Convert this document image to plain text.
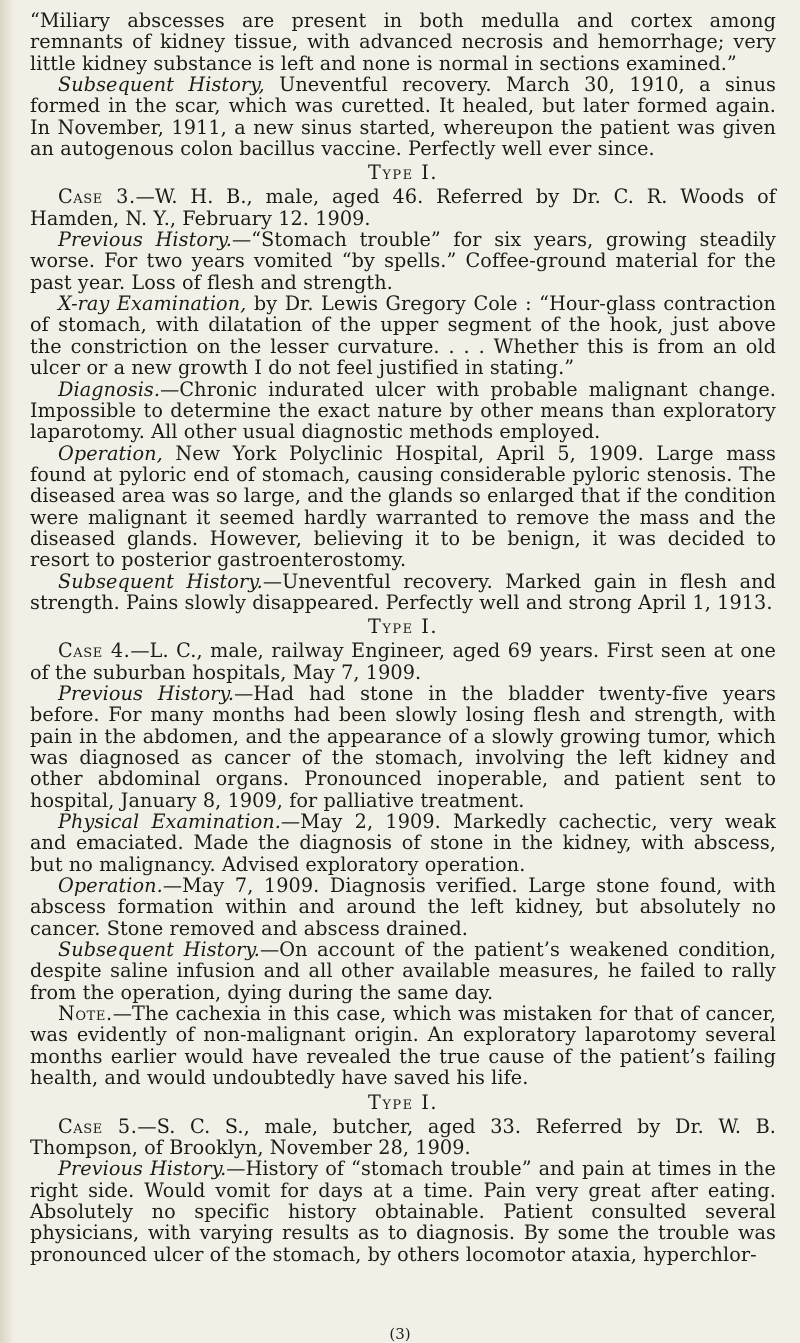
“Miliary abscesses are present in both medulla and cortex among remnants of kidney tissue, with advanced necrosis and hemorrhage; very little kidney substance is left and none is normal in sections examined.”

Subsequent History, Uneventful recovery. March 30, 1910, a sinus formed in the scar, which was curetted. It healed, but later formed again. In November, 1911, a new sinus started, whereupon the patient was given an autogenous colon bacillus vaccine. Perfectly well ever since.

Type I.

Case 3.—W. H. B., male, aged 46. Referred by Dr. C. R. Woods of Hamden, N. Y., February 12. 1909.

Previous History.—“Stomach trouble” for six years, growing steadily worse. For two years vomited “by spells.” Coffee-ground material for the past year. Loss of flesh and strength.

X-ray Examination, by Dr. Lewis Gregory Cole : “Hour-glass contraction of stomach, with dilatation of the upper segment of the hook, just above the constriction on the lesser curvature. . . . Whether this is from an old ulcer or a new growth I do not feel justified in stating.”

Diagnosis.—Chronic indurated ulcer with probable malignant change. Impossible to determine the exact nature by other means than exploratory laparotomy. All other usual diagnostic methods employed.

Operation, New York Polyclinic Hospital, April 5, 1909. Large mass found at pyloric end of stomach, causing considerable pyloric stenosis. The diseased area was so large, and the glands so enlarged that if the condition were malignant it seemed hardly warranted to remove the mass and the diseased glands. However, believing it to be benign, it was decided to resort to posterior gastroenterostomy.

Subsequent History.—Uneventful recovery. Marked gain in flesh and strength. Pains slowly disappeared. Perfectly well and strong April 1, 1913.

Type I.

Case 4.—L. C., male, railway Engineer, aged 69 years. First seen at one of the suburban hospitals, May 7, 1909.

Previous History.—Had had stone in the bladder twenty-five years before. For many months had been slowly losing flesh and strength, with pain in the abdomen, and the appearance of a slowly growing tumor, which was diagnosed as cancer of the stomach, involving the left kidney and other abdominal organs. Pronounced inoperable, and patient sent to hospital, January 8, 1909, for palliative treatment.

Physical Examination.—May 2, 1909. Markedly cachectic, very weak and emaciated. Made the diagnosis of stone in the kidney, with abscess, but no malignancy. Advised exploratory operation.

Operation.—May 7, 1909. Diagnosis verified. Large stone found, with abscess formation within and around the left kidney, but absolutely no cancer. Stone removed and abscess drained.

Subsequent History.—On account of the patient’s weakened condition, despite saline infusion and all other available measures, he failed to rally from the operation, dying during the same day.

Note.—The cachexia in this case, which was mistaken for that of cancer, was evidently of non-malignant origin. An exploratory laparotomy several months earlier would have revealed the true cause of the patient’s failing health, and would undoubtedly have saved his life.

Type I.

Case 5.—S. C. S., male, butcher, aged 33. Referred by Dr. W. B. Thompson, of Brooklyn, November 28, 1909.

Previous History.—History of “stomach trouble” and pain at times in the right side. Would vomit for days at a time. Pain very great after eating. Absolutely no specific history obtainable. Patient consulted several physicians, with varying results as to diagnosis. By some the trouble was pronounced ulcer of the stomach, by others locomotor ataxia, hyperchlor-

(3)
